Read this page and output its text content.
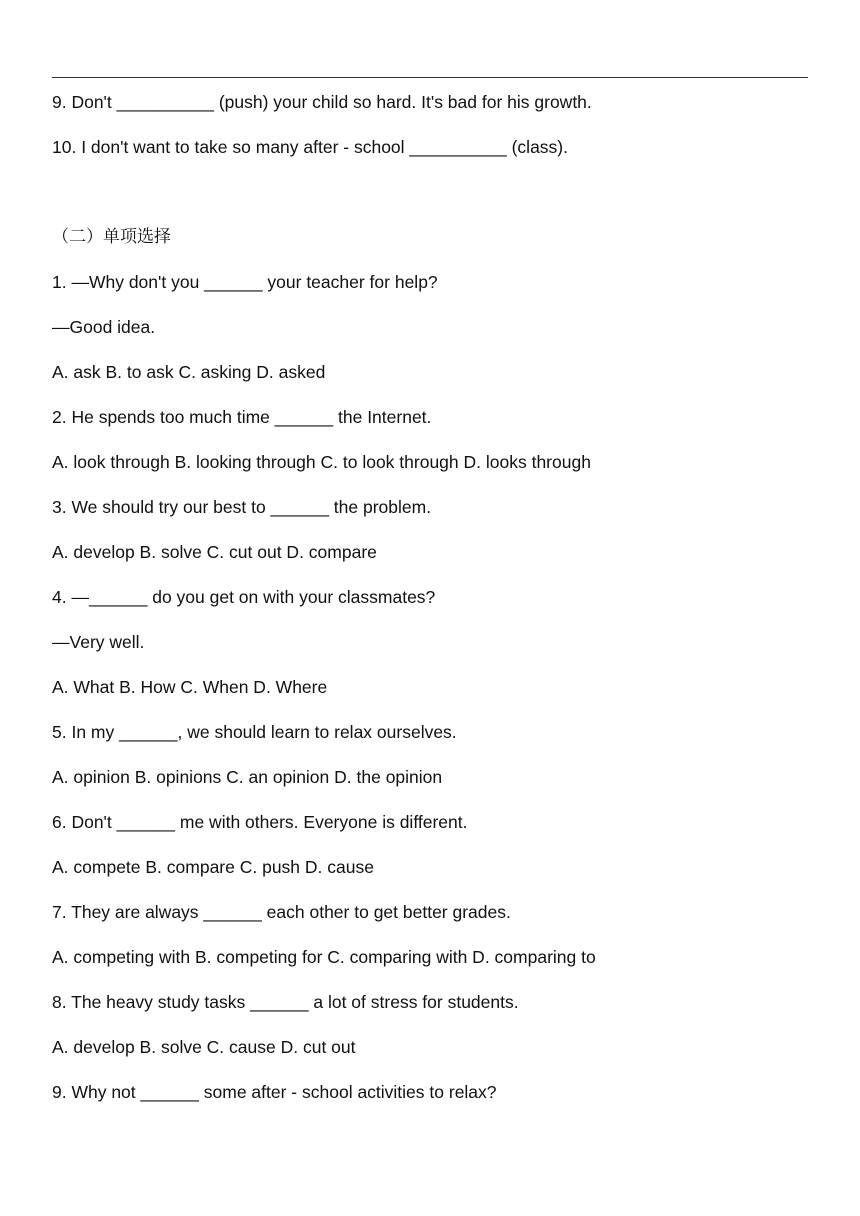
9. Don't __________ (push) your child so hard. It's bad for his growth.
10. I don't want to take so many after - school __________ (class).
（二）单项选择
1. —Why don't you ______ your teacher for help?
—Good idea.
A. ask B. to ask C. asking D. asked
2. He spends too much time ______ the Internet.
A. look through B. looking through C. to look through D. looks through
3. We should try our best to ______ the problem.
A. develop B. solve C. cut out D. compare
4. —______ do you get on with your classmates?
—Very well.
A. What B. How C. When D. Where
5. In my ______, we should learn to relax ourselves.
A. opinion B. opinions C. an opinion D. the opinion
6. Don't ______ me with others. Everyone is different.
A. compete B. compare C. push D. cause
7. They are always ______ each other to get better grades.
A. competing with B. competing for C. comparing with D. comparing to
8. The heavy study tasks ______ a lot of stress for students.
A. develop B. solve C. cause D. cut out
9. Why not ______ some after - school activities to relax?
